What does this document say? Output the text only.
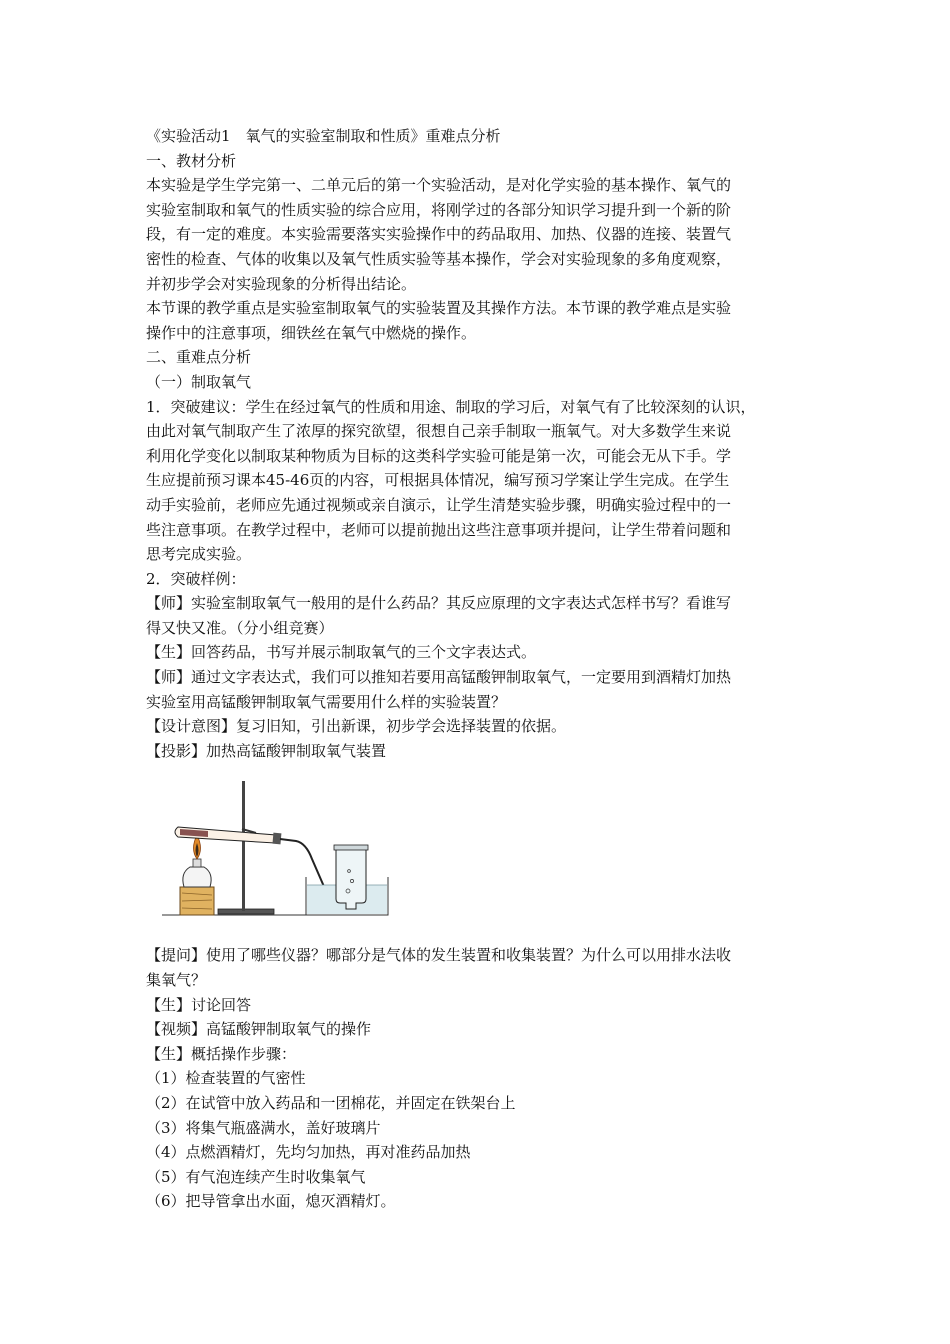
《实验活动1　氧气的实验室制取和性质》重难点分析
一、教材分析
本实验是学生学完第一、二单元后的第一个实验活动，是对化学实验的基本操作、氧气的
实验室制取和氧气的性质实验的综合应用，将刚学过的各部分知识学习提升到一个新的阶
段，有一定的难度。本实验需要落实实验操作中的药品取用、加热、仪器的连接、装置气
密性的检查、气体的收集以及氧气性质实验等基本操作，学会对实验现象的多角度观察，
并初步学会对实验现象的分析得出结论。
本节课的教学重点是实验室制取氧气的实验装置及其操作方法。本节课的教学难点是实验
操作中的注意事项，细铁丝在氧气中燃烧的操作。
二、重难点分析
（一）制取氧气
1．突破建议：学生在经过氧气的性质和用途、制取的学习后，对氧气有了比较深刻的认识，
由此对氧气制取产生了浓厚的探究欲望，很想自己亲手制取一瓶氧气。对大多数学生来说
利用化学变化以制取某种物质为目标的这类科学实验可能是第一次，可能会无从下手。学
生应提前预习课本45-46页的内容，可根据具体情况，编写预习学案让学生完成。在学生
动手实验前，老师应先通过视频或亲自演示，让学生清楚实验步骤，明确实验过程中的一
些注意事项。在教学过程中，老师可以提前抛出这些注意事项并提问，让学生带着问题和
思考完成实验。
2．突破样例：
【师】实验室制取氧气一般用的是什么药品？其反应原理的文字表达式怎样书写？看谁写
得又快又准。（分小组竞赛）
【生】回答药品，书写并展示制取氧气的三个文字表达式。
【师】通过文字表达式，我们可以推知若要用高锰酸钾制取氧气，一定要用到酒精灯加热
实验室用高锰酸钾制取氧气需要用什么样的实验装置？
【设计意图】复习旧知，引出新课，初步学会选择装置的依据。
【投影】加热高锰酸钾制取氧气装置
【提问】使用了哪些仪器？哪部分是气体的发生装置和收集装置？为什么可以用排水法收
集氧气？
【生】讨论回答
【视频】高锰酸钾制取氧气的操作
【生】概括操作步骤：
（1）检查装置的气密性
（2）在试管中放入药品和一团棉花，并固定在铁架台上
（3）将集气瓶盛满水，盖好玻璃片
（4）点燃酒精灯，先均匀加热，再对准药品加热
（5）有气泡连续产生时收集氧气
（6）把导管拿出水面，熄灭酒精灯。
